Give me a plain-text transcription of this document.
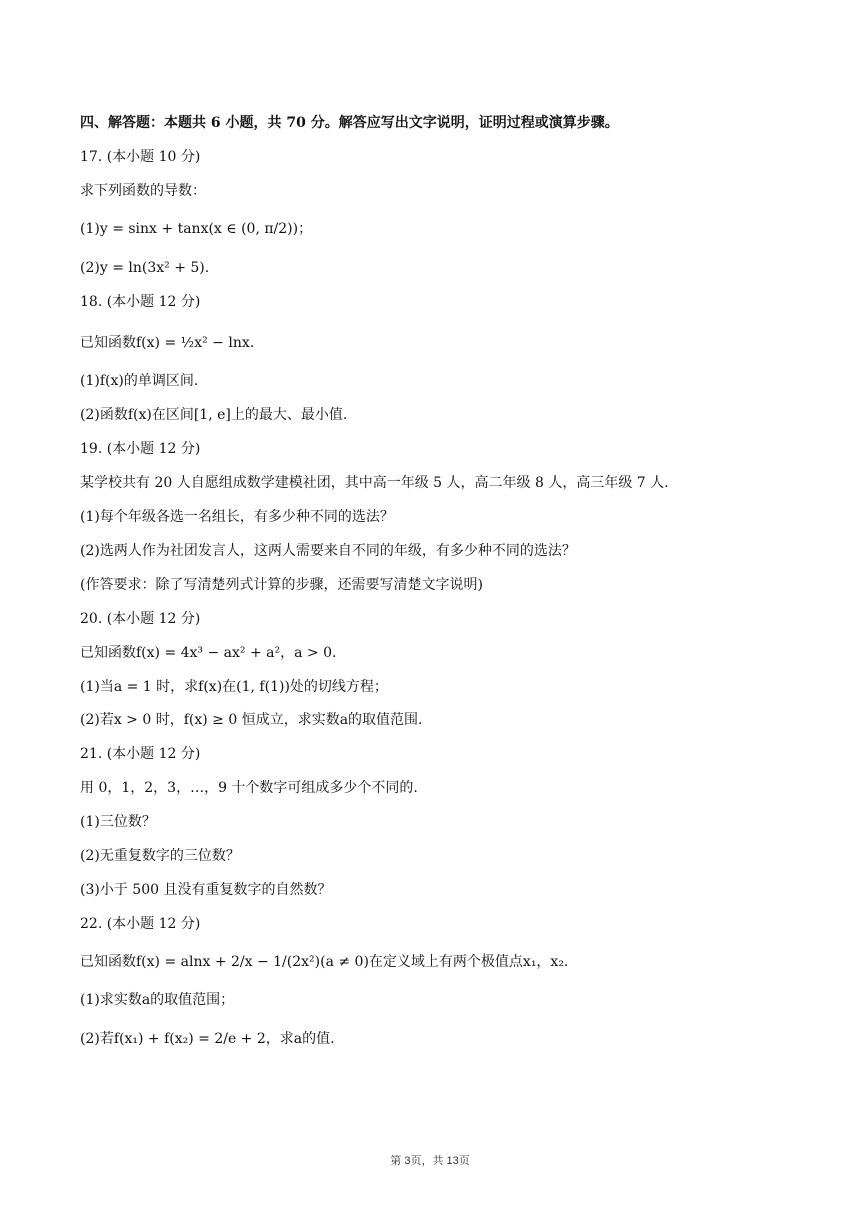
四、解答题：本题共 6 小题，共 70 分。解答应写出文字说明，证明过程或演算步骤。
17. (本小题 10 分)
求下列函数的导数：
(1)y = sinx + tanx(x ∈ (0, π/2))；
(2)y = ln(3x² + 5).
18. (本小题 12 分)
已知函数f(x) = ½x² − lnx.
(1)f(x)的单调区间.
(2)函数f(x)在区间[1, e]上的最大、最小值.
19. (本小题 12 分)
某学校共有 20 人自愿组成数学建模社团，其中高一年级 5 人，高二年级 8 人，高三年级 7 人.
(1)每个年级各选一名组长，有多少种不同的选法？
(2)选两人作为社团发言人，这两人需要来自不同的年级，有多少种不同的选法？
(作答要求：除了写清楚列式计算的步骤，还需要写清楚文字说明)
20. (本小题 12 分)
已知函数f(x) = 4x³ − ax² + a²，a > 0.
(1)当a = 1 时，求f(x)在(1, f(1))处的切线方程；
(2)若x > 0 时，f(x) ≥ 0 恒成立，求实数a的取值范围.
21. (本小题 12 分)
用 0，1，2，3，…，9 十个数字可组成多少个不同的.
(1)三位数？
(2)无重复数字的三位数？
(3)小于 500 且没有重复数字的自然数？
22. (本小题 12 分)
已知函数f(x) = alnx + 2/x − 1/(2x²)(a ≠ 0)在定义域上有两个极值点x₁，x₂.
(1)求实数a的取值范围；
(2)若f(x₁) + f(x₂) = 2/e + 2，求a的值.
第 3页，共 13页
